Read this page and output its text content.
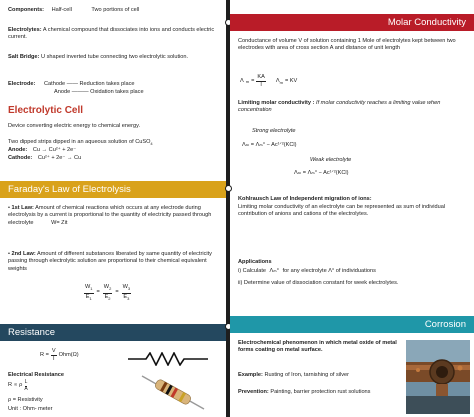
Components: Half-cell	Two portions of cell
Electrolytes: A chemical compound that dissociates into ions and conducts electric current.
Salt Bridge: U shaped inverted tube connecting two electrolytic solution.
Electrode: Cathode —— Reduction takes place
Anode ——— Oxidation takes place
Electrolytic Cell
Device converting electric energy to chemical energy.
Two dipped strips dipped in an aqueous solution of CuSO$_4$
Anode: Cu → Cu²⁺ + 2e⁻
Cathode: Cu²⁺ + 2e⁻ → Cu
Faraday's Law of Electrolysis
• 1st Law: Amount of chemical reactions which occurs at any electrode during electrolysis by a current is proportional to the quantity of electricity passed through electrolyte	W= Zit
• 2nd Law: Amount of different substances liberated by same quantity of electricity passing through electrolytic solution are proportional to their chemical equivalent weights
$\frac{W_1}{E_1} = \frac{W_2}{E_2} = \frac{W_3}{E_3}$
Resistance
$R = \frac{V}{I} Ohm(\Omega)$
Electrical Resistance
R ∝ ρ
L
A
ρ = Resistivity
Unit : Ohm- meter
Molar Conductivity
Conductance of volume V of solution containing 1 Mole of electrolytes kept between two electrodes with area of cross section A and distance of unit length
Λ $m = \frac{KA}{l} \Lambda_m$ = KV
Limiting molar conductivity : If molar conductivity reaches a limiting value when concentration
Strong electrolyte
Λₘ = Λₘ° − Ac¹ᐟ²(KCl)
Weak electrolyte
Λₘ = Λₘ° − Ac¹ᐟ²(KCl)
Kohlrausch Law of Independent migration of ions:
Limiting molar conductivity of an electrolyte can be represented as sum of individual contribution of anions and cations of the electrolytes.
Applications
i) Calculate Λₘ° for any electrolyte Λ° of individuations
ii) Determine value of dissociation constant for week electrolytes.
Corrosion
Electrochemical phenomenon in which metal oxide of metal forms coating on metal surface.
Example: Rusting of Iron, tarnishing of silver
Prevention: Painting, barrier protection rust solutions
